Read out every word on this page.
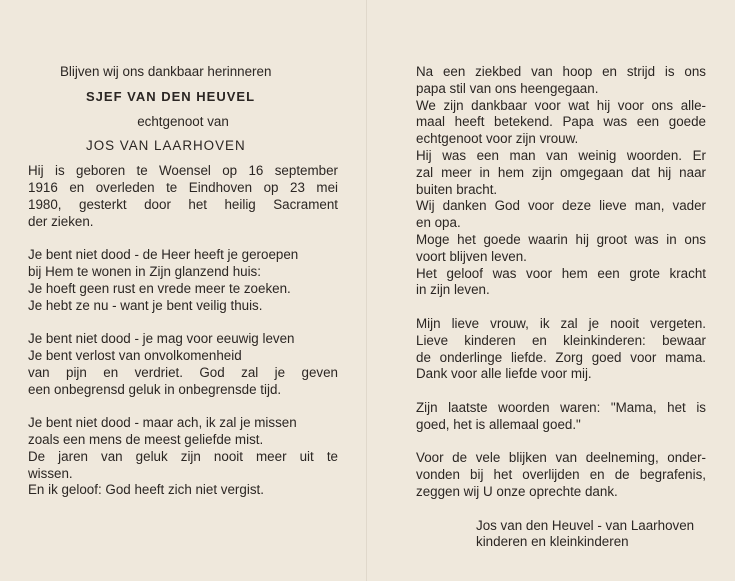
Blijven wij ons dankbaar herinneren
SJEF VAN DEN HEUVEL
echtgenoot van
JOS VAN LAARHOVEN
Hij is geboren te Woensel op 16 september
1916 en overleden te Eindhoven op 23 mei
1980, gesterkt door het heilig Sacrament
der zieken.
Je bent niet dood - de Heer heeft je geroepen
bij Hem te wonen in Zijn glanzend huis:
Je hoeft geen rust en vrede meer te zoeken.
Je hebt ze nu - want je bent veilig thuis.
Je bent niet dood - je mag voor eeuwig leven
Je bent verlost van onvolkomenheid
van pijn en verdriet. God zal je geven
een onbegrensd geluk in onbegrensde tijd.
Je bent niet dood - maar ach, ik zal je missen
zoals een mens de meest geliefde mist.
De jaren van geluk zijn nooit meer uit te
wissen.
En ik geloof: God heeft zich niet vergist.
Na een ziekbed van hoop en strijd is ons
papa stil van ons heengegaan.
We zijn dankbaar voor wat hij voor ons alle-
maal heeft betekend. Papa was een goede
echtgenoot voor zijn vrouw.
Hij was een man van weinig woorden. Er
zal meer in hem zijn omgegaan dat hij naar
buiten bracht.
Wij danken God voor deze lieve man, vader
en opa.
Moge het goede waarin hij groot was in ons
voort blijven leven.
Het geloof was voor hem een grote kracht
in zijn leven.
Mijn lieve vrouw, ik zal je nooit vergeten.
Lieve kinderen en kleinkinderen: bewaar
de onderlinge liefde. Zorg goed voor mama.
Dank voor alle liefde voor mij.
Zijn laatste woorden waren: "Mama, het is
goed, het is allemaal goed."
Voor de vele blijken van deelneming, onder-
vonden bij het overlijden en de begrafenis,
zeggen wij U onze oprechte dank.
Jos van den Heuvel - van Laarhoven
kinderen en kleinkinderen
